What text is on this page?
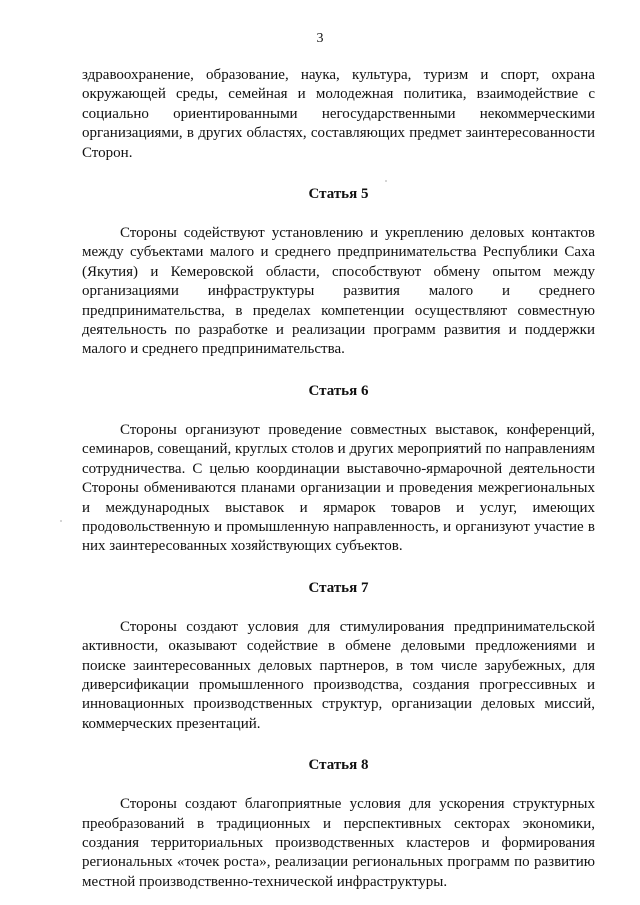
3

здравоохранение, образование, наука, культура, туризм и спорт, охрана окружающей среды, семейная и молодежная политика, взаимодействие с социально ориентированными негосударственными некоммерческими организациями, в других областях, составляющих предмет заинтересованности Сторон.

Статья 5

Стороны содействуют установлению и укреплению деловых контактов между субъектами малого и среднего предпринимательства Республики Саха (Якутия) и Кемеровской области, способствуют обмену опытом между организациями инфраструктуры развития малого и среднего предпринимательства, в пределах компетенции осуществляют совместную деятельность по разработке и реализации программ развития и поддержки малого и среднего предпринимательства.

Статья 6

Стороны организуют проведение совместных выставок, конференций, семинаров, совещаний, круглых столов и других мероприятий по направлениям сотрудничества. С целью координации выставочно-ярмарочной деятельности Стороны обмениваются планами организации и проведения межрегиональных и международных выставок и ярмарок товаров и услуг, имеющих продовольственную и промышленную направленность, и организуют участие в них заинтересованных хозяйствующих субъектов.

Статья 7

Стороны создают условия для стимулирования предпринимательской активности, оказывают содействие в обмене деловыми предложениями и поиске заинтересованных деловых партнеров, в том числе зарубежных, для диверсификации промышленного производства, создания прогрессивных и инновационных производственных структур, организации деловых миссий, коммерческих презентаций.

Статья 8

Стороны создают благоприятные условия для ускорения структурных преобразований в традиционных и перспективных секторах экономики, создания территориальных производственных кластеров и формирования региональных «точек роста», реализации региональных программ по развитию местной производственно-технической инфраструктуры.
